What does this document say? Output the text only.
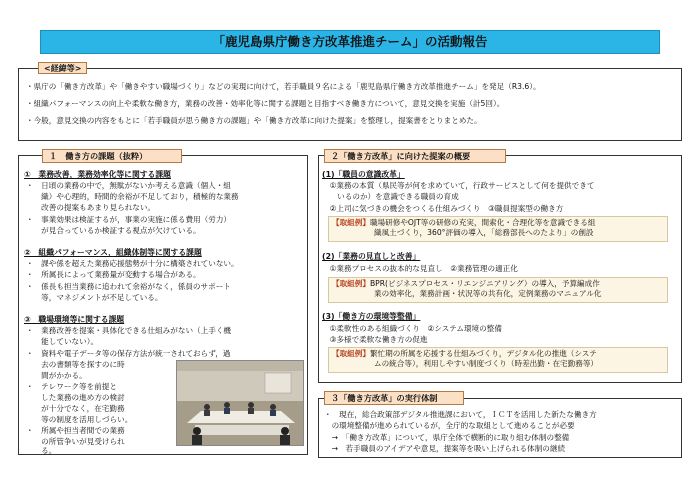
「鹿児島県庁働き方改革推進チーム」の活動報告
<経緯等>
・県庁の「働き方改革」や「働きやすい職場づくり」などの実現に向けて，若手職員９名による「鹿児島県庁働き方改革推進チーム」を発足（R3.6）。
・組織パフォーマンスの向上や柔軟な働き方，業務の改善・効率化等に関する課題と目指すべき働き方について，意見交換を実施（計5回）。
・今般，意見交換の内容をもとに「若手職員が思う働き方の課題」や「働き方改革に向けた提案」を整理し，提案書をとりまとめた。
１　働き方の課題（抜粋）
①　業務改善，業務効率化等に関する課題
・　日頃の業務の中で，無駄がないか考える意識（個人・組
　　織）や心理的，時間的余裕が不足しており，積極的な業務
　　改善の提案もあまり見られない。
・　事業効果は検証するが，事業の実施に係る費用（労力）
　　が見合っているか検証する視点が欠けている。
②　組織パフォーマンス，組織体制等に関する課題
・　課や係を超えた業務応援態勢が十分に構築されていない。
・　所属長によって業務量が変動する場合がある。
・　係長も担当業務に追われて余裕がなく，係員のサポート
　　等，マネジメントが不足している。
③　職場環境等に関する課題
・　業務改善を提案・具体化できる仕組みがない（上手く機
　　能していない）。
・　資料や電子データ等の保存方法が統一されておらず，過
　　去の書類等を探すのに時
　　間がかかる。
・　テレワーク等を前提と
　　した業務の進め方の検討
　　が十分でなく，在宅勤務
　　等の制度を活用しづらい。
・　所属や担当者間での業務
　　の所管争いが見受けられ
　　る。
２「働き方改革」に向けた提案の概要
(1)「職員の意識改革」
　①業務の本質（県民等が何を求めていて，行政サービスとして何を提供できて
　　いるのか）を意識できる職員の育成
　②上司に気づきの機会をつくる仕組みづくり　③職員提案型の働き方
【取組例】職場研修やOJT等の研修の充実，間索化・合理化等を意識できる組
織風土づくり，360°評価の導入，「総務部長へのたより」の創設
(2)「業務の見直しと改善」
　①業務プロセスの抜本的な見直し　②業務管理の適正化
【取組例】BPR(ビジネスプロセス・リエンジニアリング）の導入，予算編成作
業の効率化，業務計画・状況等の共有化，定例業務のマニュアル化
(3)「働き方の環境等整備」
　①柔軟性のある組織づくり　②システム環境の整備
　③多様で柔軟な働き方の促進
【取組例】繁忙期の所属を応援する仕組みづくり，デジタル化の推進（システ
ムの統合等），利用しやすい制度づくり（時差出勤・在宅勤務等）
３「働き方改革」の実行体制
・　現在，総合政策部デジタル推進課において，ＩＣＴを活用した新たな働き方
　の環境整備が進められているが，全庁的な取組として進めることが必要
　→　「働き方改革」について，県庁全体で横断的に取り組む体制の整備
　→　若手職員のアイデアや意見，提案等を吸い上げられる体制の継続
